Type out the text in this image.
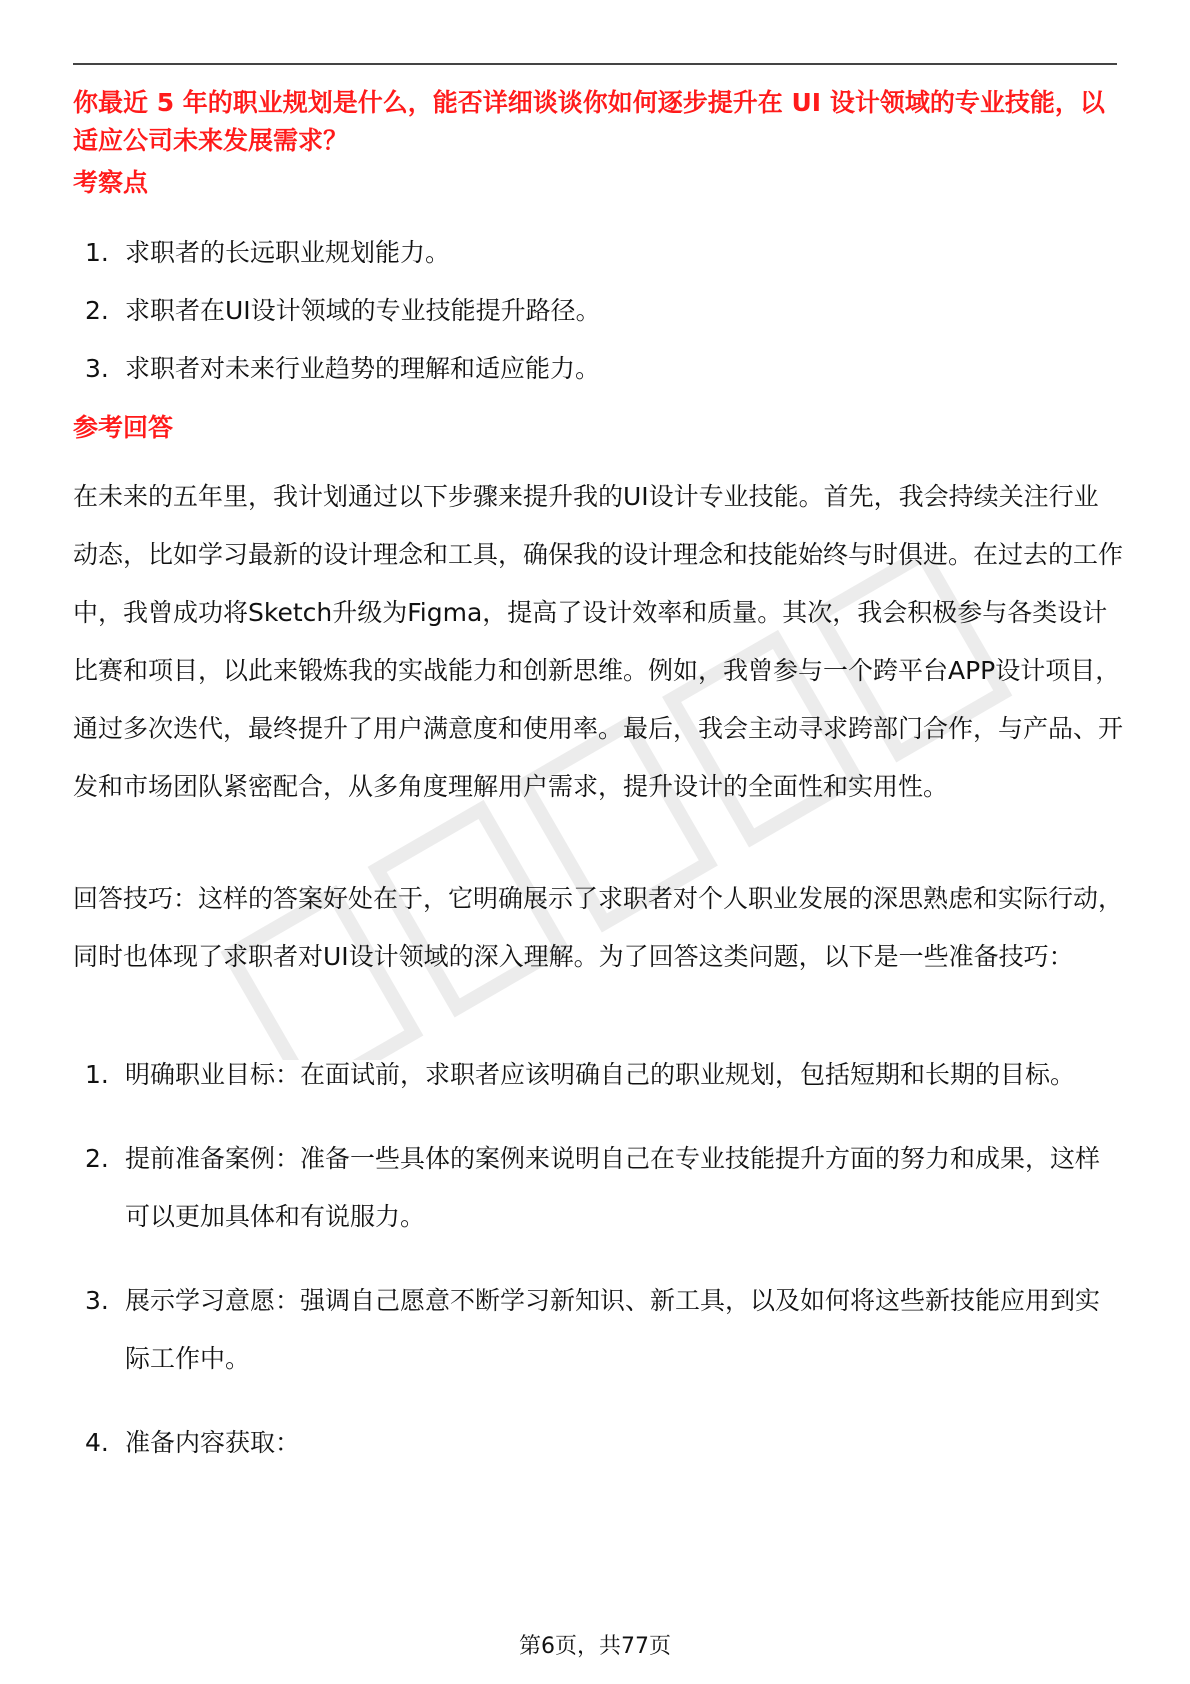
你最近 5 年的职业规划是什么，能否详细谈谈你如何逐步提升在 UI 设计领域的专业技能，以适应公司未来发展需求？
考察点
1. 求职者的长远职业规划能力。
2. 求职者在UI设计领域的专业技能提升路径。
3. 求职者对未来行业趋势的理解和适应能力。
参考回答

在未来的五年里，我计划通过以下步骤来提升我的UI设计专业技能。首先，我会持续关注行业动态，比如学习最新的设计理念和工具，确保我的设计理念和技能始终与时俱进。在过去的工作中，我曾成功将Sketch升级为Figma，提高了设计效率和质量。其次，我会积极参与各类设计比赛和项目，以此来锻炼我的实战能力和创新思维。例如，我曾参与一个跨平台APP设计项目，通过多次迭代，最终提升了用户满意度和使用率。最后，我会主动寻求跨部门合作，与产品、开发和市场团队紧密配合，从多角度理解用户需求，提升设计的全面性和实用性。

回答技巧：这样的答案好处在于，它明确展示了求职者对个人职业发展的深思熟虑和实际行动，同时也体现了求职者对UI设计领域的深入理解。为了回答这类问题，以下是一些准备技巧：

1. 明确职业目标：在面试前，求职者应该明确自己的职业规划，包括短期和长期的目标。
2. 提前准备案例：准备一些具体的案例来说明自己在专业技能提升方面的努力和成果，这样可以更加具体和有说服力。
3. 展示学习意愿：强调自己愿意不断学习新知识、新工具，以及如何将这些新技能应用到实际工作中。
4. 准备内容获取：
第6页，共77页
